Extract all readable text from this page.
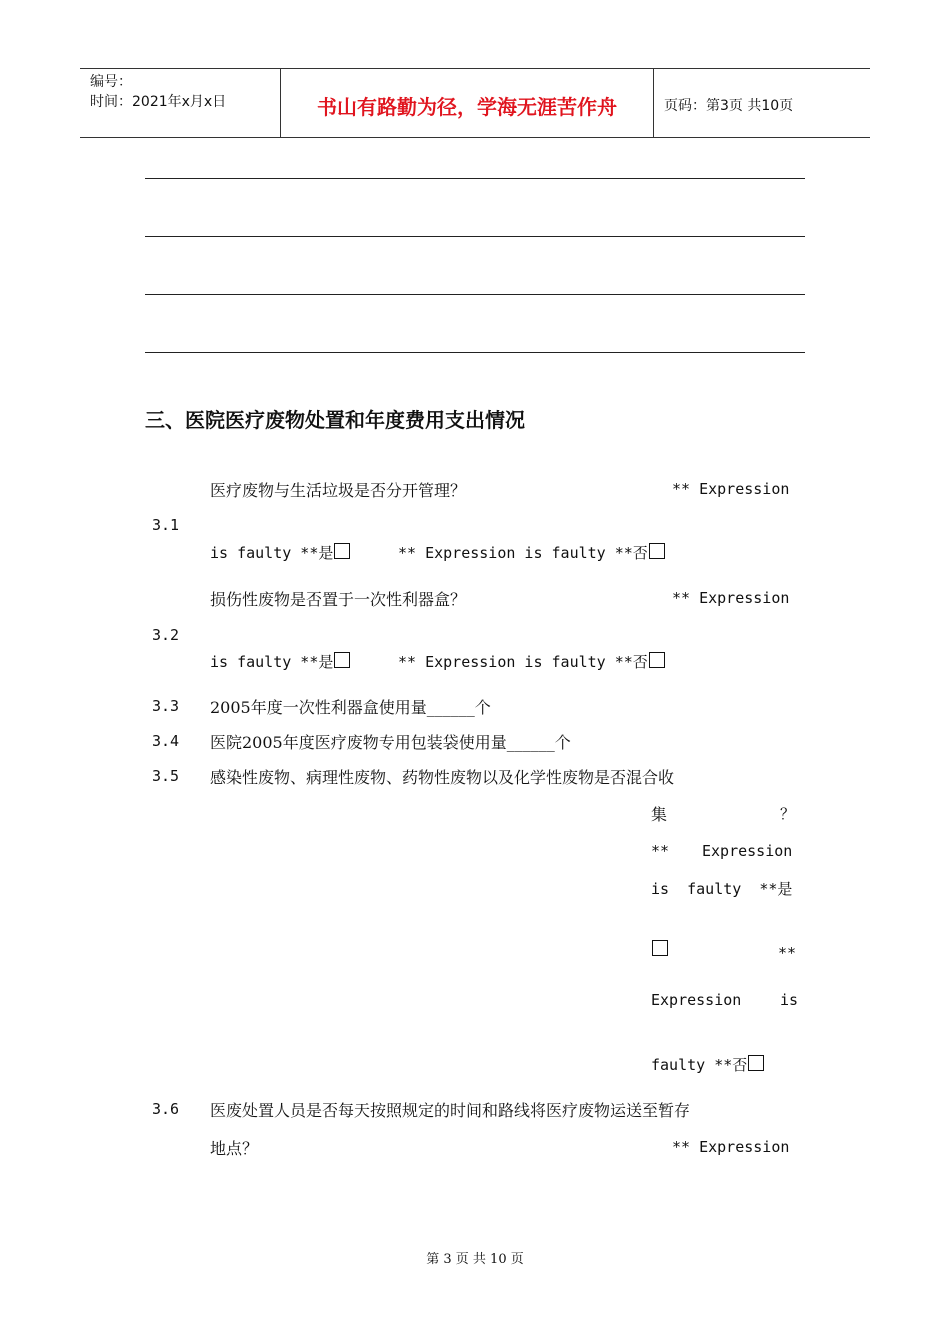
编号：
时间：2021年x月x日	书山有路勤为径，学海无涯苦作舟	页码：第3页 共10页
三、医院医疗废物处置和年度费用支出情况
医疗废物与生活垃圾是否分开管理？	** Expression
3.1
is faulty **是	** Expression is faulty **否
损伤性废物是否置于一次性利器盒？	** Expression
3.2
is faulty **是	** Expression is faulty **否
3.3 2005年度一次性利器盒使用量______个
3.4 医院2005年度医疗废物专用包装袋使用量______个
3.5 感染性废物、病理性废物、药物性废物以及化学性废物是否混合收
集	？
** Expression
is  faulty  **是
**
Expression	is
faulty **否
3.6 医废处置人员是否每天按照规定的时间和路线将医疗废物运送至暂存
地点？	** Expression
第 3 页 共 10 页
